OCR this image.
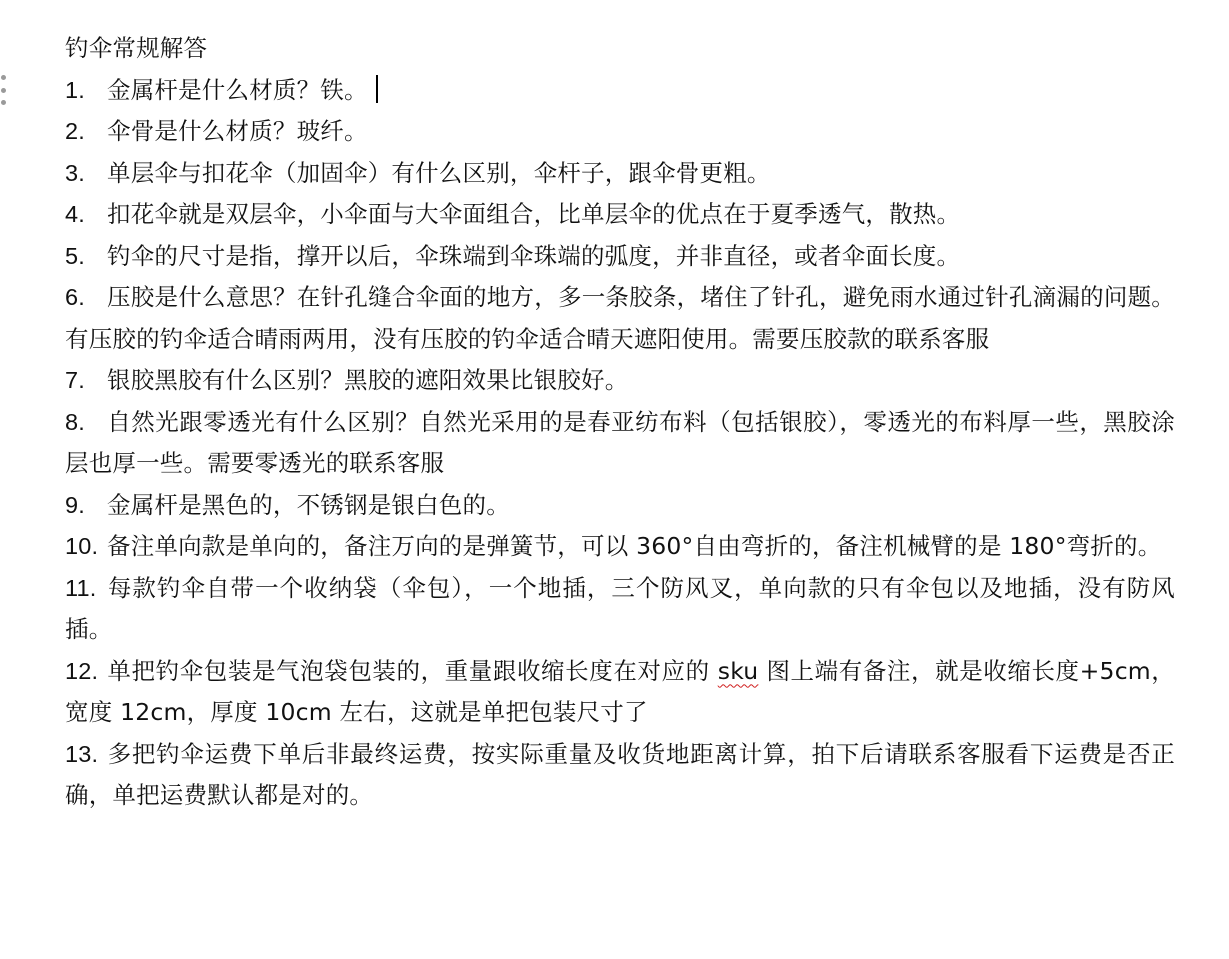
钓伞常规解答
1. 金属杆是什么材质？铁。
2. 伞骨是什么材质？玻纤。
3. 单层伞与扣花伞（加固伞）有什么区别，伞杆子，跟伞骨更粗。
4. 扣花伞就是双层伞，小伞面与大伞面组合，比单层伞的优点在于夏季透气，散热。
5. 钓伞的尺寸是指，撑开以后，伞珠端到伞珠端的弧度，并非直径，或者伞面长度。
6. 压胶是什么意思？在针孔缝合伞面的地方，多一条胶条，堵住了针孔，避免雨水通过针孔滴漏的问题。有压胶的钓伞适合晴雨两用，没有压胶的钓伞适合晴天遮阳使用。需要压胶款的联系客服
7. 银胶黑胶有什么区别？黑胶的遮阳效果比银胶好。
8. 自然光跟零透光有什么区别？自然光采用的是春亚纺布料（包括银胶），零透光的布料厚一些，黑胶涂层也厚一些。需要零透光的联系客服
9. 金属杆是黑色的，不锈钢是银白色的。
10. 备注单向款是单向的，备注万向的是弹簧节，可以 360°自由弯折的，备注机械臂的是 180°弯折的。
11. 每款钓伞自带一个收纳袋（伞包），一个地插，三个防风叉，单向款的只有伞包以及地插，没有防风插。
12. 单把钓伞包装是气泡袋包装的，重量跟收缩长度在对应的 sku 图上端有备注，就是收缩长度+5cm，宽度 12cm，厚度 10cm 左右，这就是单把包装尺寸了
13. 多把钓伞运费下单后非最终运费，按实际重量及收货地距离计算，拍下后请联系客服看下运费是否正确，单把运费默认都是对的。
